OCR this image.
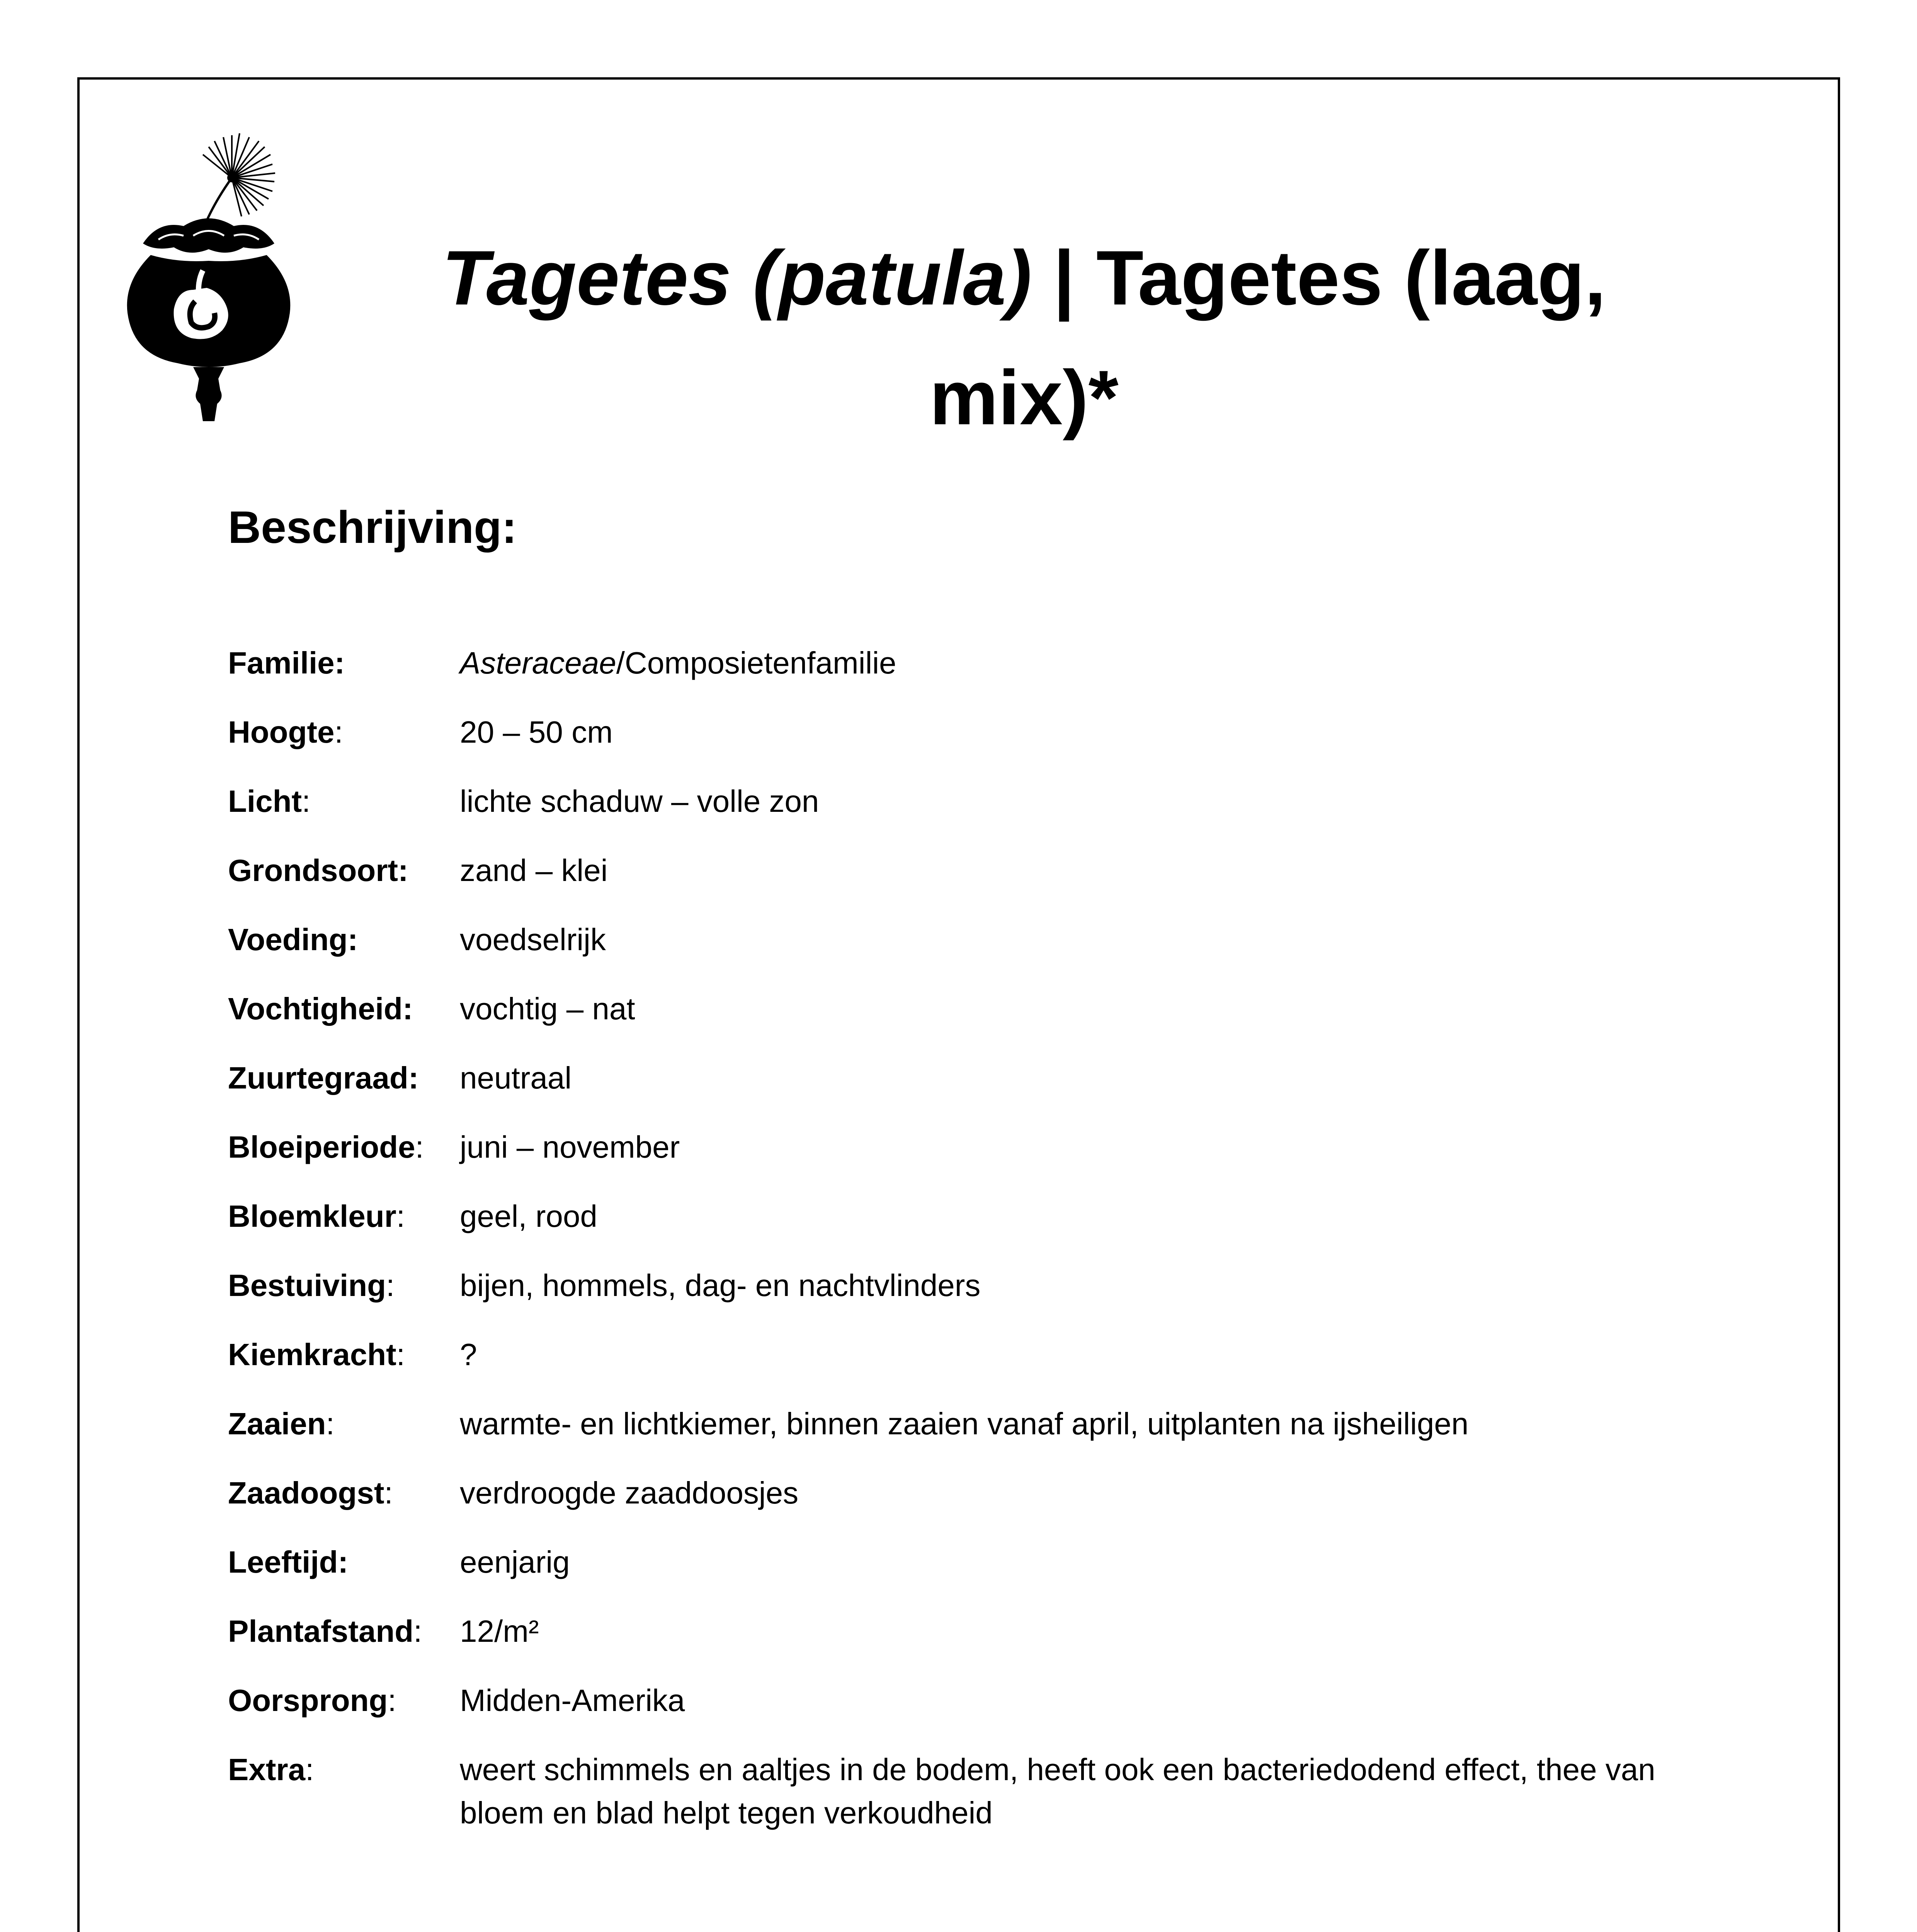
Tagetes (patula) | Tagetes (laag, mix)*
Beschrijving:
Familie:	Asteraceae/Composietenfamilie
Hoogte:	20 – 50 cm
Licht:	lichte schaduw – volle zon
Grondsoort:	zand – klei
Voeding:	voedselrijk
Vochtigheid:	vochtig – nat
Zuurtegraad:	neutraal
Bloeiperiode:	juni – november
Bloemkleur:	geel, rood
Bestuiving:	bijen, hommels, dag- en nachtvlinders
Kiemkracht:	?
Zaaien:	warmte- en lichtkiemer, binnen zaaien vanaf april, uitplanten na ijsheiligen
Zaadoogst:	verdroogde zaaddoosjes
Leeftijd:	eenjarig
Plantafstand:	12/m²
Oorsprong:	Midden-Amerika
Extra:	weert schimmels en aaltjes in de bodem, heeft ook een bacteriedodend effect, thee van bloem en blad helpt tegen verkoudheid
